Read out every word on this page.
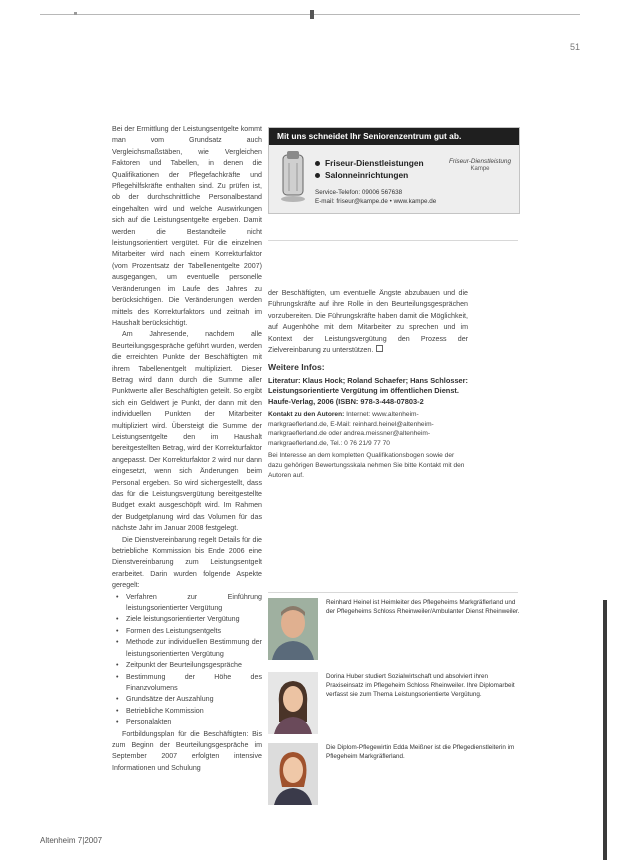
51

Bei der Ermittlung der Leistungsentgelte kommt man vom Grundsatz auch Vergleichsmaßstäben, wie Vergleichen Faktoren und Tabellen, in denen die Qualifikationen der Pflegefachkräfte und Pflegehilfskräfte enthalten sind. Zu prüfen ist, ob der durchschnittliche Personalbestand eingehalten wird und welche Auswirkungen sich auf die Leistungsentgelte ergeben. Damit werden die Bestandteile nicht leistungsorientiert vergütet. Für die einzelnen Mitarbeiter wird nach einem Korrekturfaktor (vom Prozentsatz der Tabellenentgelte 2007) ausgegangen, um eventuelle personelle Veränderungen im Laufe des Jahres zu berücksichtigen. Die Veränderungen werden mittels des Korrekturfaktors und zeitnah im Haushalt berücksichtigt.

Am Jahresende, nachdem alle Beurteilungsgespräche geführt wurden, werden die erreichten Punkte der Beschäftigten mit ihrem Tabellenentgelt multipliziert. Dieser Betrag wird dann durch die Summe aller Punktwerte aller Beschäftigten geteilt. So ergibt sich ein Geldwert je Punkt, der dann mit den individuellen Punkten der Mitarbeiter multipliziert wird. Übersteigt die Summe der Leistungsentgelte den im Haushalt bereitgestellten Betrag, wird der Korrekturfaktor angepasst. Der Korrekturfaktor 2 wird nur dann eingesetzt, wenn sich Änderungen beim Personal ergeben. So wird sichergestellt, dass das für die Leistungsvergütung bereitgestellte Budget exakt ausgeschöpft wird. Im Rahmen der Budgetplanung wird das Volumen für das nächste Jahr im Januar 2008 festgelegt.

Die Dienstvereinbarung regelt Details für die betriebliche Kommission bis Ende 2006 eine Dienstvereinbarung zum Leistungsentgelt erarbeitet. Darin wurden folgende Aspekte geregelt:

• Verfahren zur Einführung leistungsorientierter Vergütung
• Ziele leistungsorientierter Vergütung
• Formen des Leistungsentgelts
• Methode zur individuellen Bestimmung der leistungsorientierten Vergütung
• Zeitpunkt der Beurteilungsgespräche
• Bestimmung der Höhe des Finanzvolumens
• Grundsätze der Auszahlung
• Betriebliche Kommission
• Personalakten

Fortbildungsplan für die Beschäftigten: Bis zum Beginn der Beurteilungsgespräche im September 2007 erfolgten intensive Informationen und Schulung

Mit uns schneidet Ihr Seniorenzentrum gut ab.
Friseur-Dienstleistungen
Salonneinrichtungen
Friseur-Dienstleistung
Kampe
Service-Telefon: 09006 567638
E-mail: friseur@kampe.de • www.kampe.de

der Beschäftigten, um eventuelle Ängste abzubauen und die Führungskräfte auf ihre Rolle in den Beurteilungsgesprächen vorzubereiten. Die Führungskräfte haben damit die Möglichkeit, auf Augenhöhe mit dem Mitarbeiter zu sprechen und im Kontext der Leistungsvergütung den Prozess der Zielvereinbarung zu unterstützen.

Weitere Infos:
Literatur: Klaus Hock; Roland Schaefer; Hans Schlosser: Leistungsorientierte Vergütung im öffentlichen Dienst. Haufe-Verlag, 2006 (ISBN: 978-3-448-07803-2
Kontakt zu den Autoren: Internet: www.altenheim-markgraeflerland.de, E-Mail: reinhard.heinel@altenheim-markgraeflerland.de oder andrea.meissner@altenheim-markgraeflerland.de, Tel.: 0 76 21/9 77 70
Bei Interesse an dem kompletten Qualifikationsbogen sowie der dazu gehörigen Bewertungsskala nehmen Sie bitte Kontakt mit den Autoren auf.
Reinhard Heinel ist Heimleiter des Pflegeheims Markgräflerland und der Pflegeheims Schloss Rheinweiler/Ambulanter Dienst Rheinweiler.
Dorina Huber studiert Sozialwirtschaft und absolviert ihren Praxiseinsatz im Pflegeheim Schloss Rheinweiler. Ihre Diplomarbeit verfasst sie zum Thema Leistungsorientierte Vergütung.
Die Diplom-Pflegewirtin Edda Meißner ist die Pflegedienstleiterin im Pflegeheim Markgräflerland.
Altenheim 7|2007
